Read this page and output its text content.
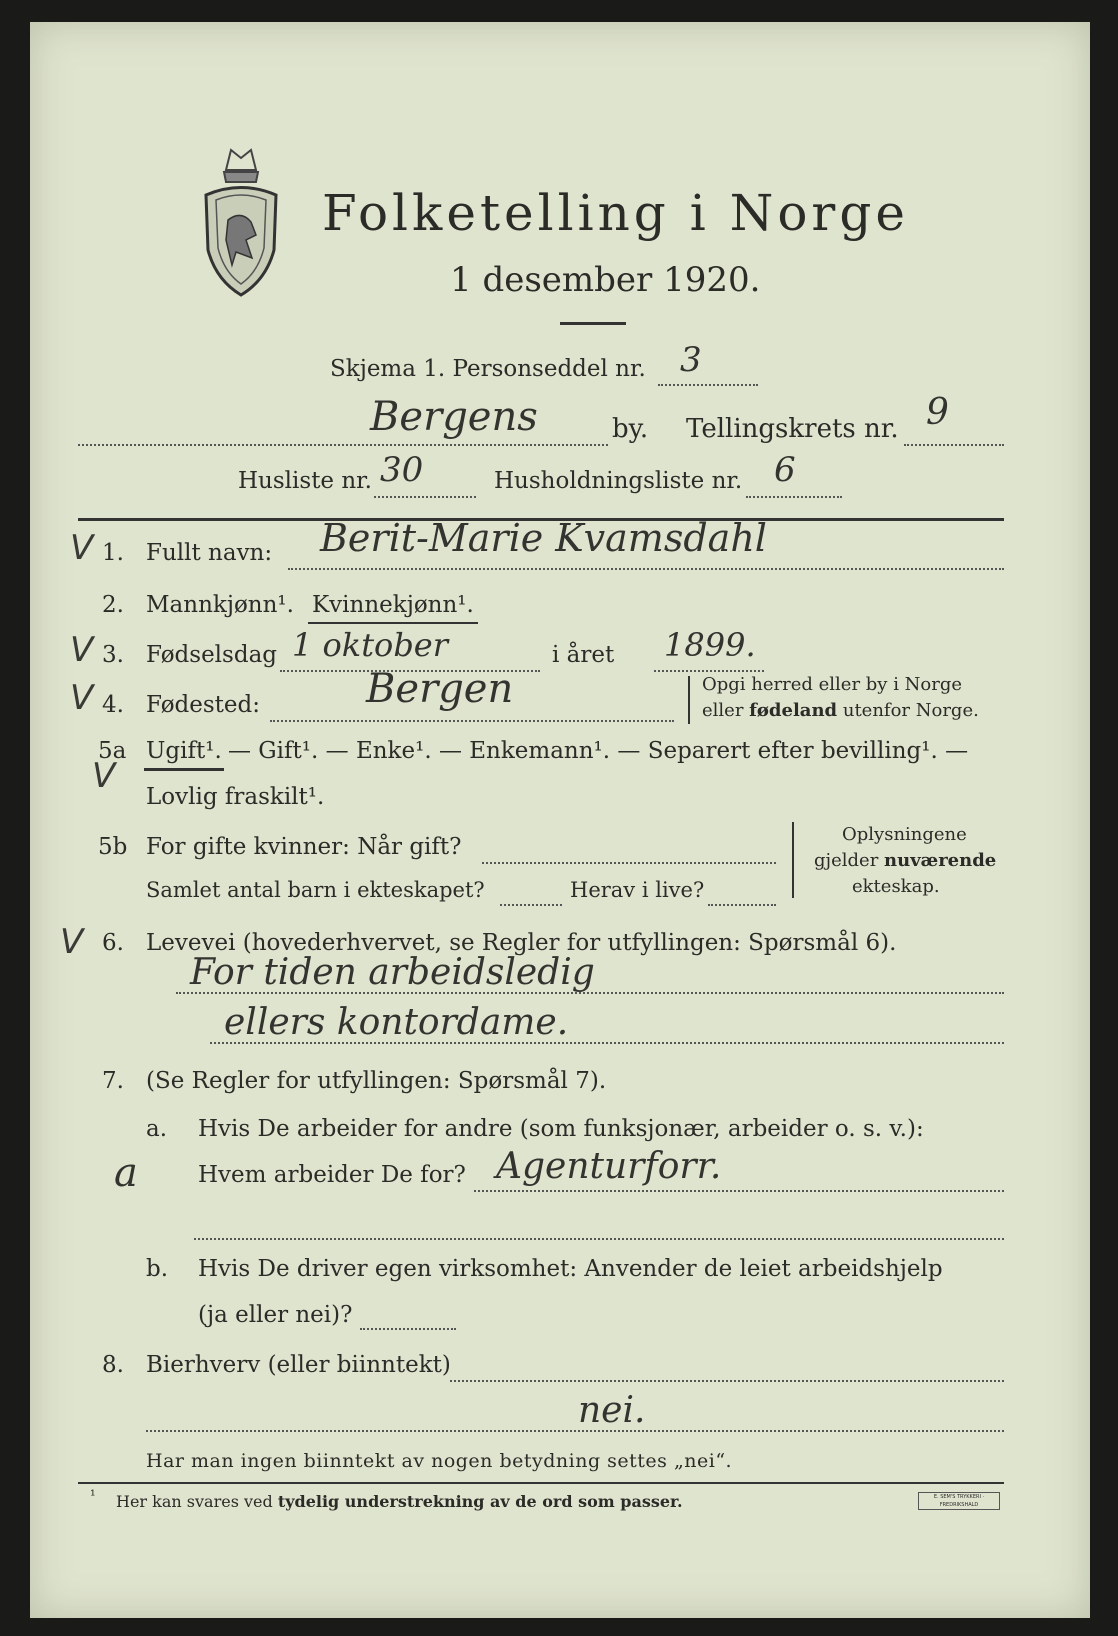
Folketelling i Norge
1 desember 1920.
Skjema 1. Personseddel nr. 3
Bergens	by. Tellingskrets nr. 9
Husliste nr. 30	Husholdningsliste nr. 6
V 1. Fullt navn: Berit-Marie Kvamsdahl
2. Mannkjønn¹. Kvinnekjønn¹.
V 3. Fødselsdag 1 oktober	i året 1899.
V 4. Fødested:	Bergen	Opgi herred eller by i Norge
eller fødeland utenfor Norge.
V
5a Ugift¹. — Gift¹. — Enke¹. — Enkemann¹. — Separert efter bevilling¹. —
Lovlig fraskilt¹.
5b For gifte kvinner: Når gift?
Samlet antal barn i ekteskapet?	Herav i live?
Oplysningene
gjelder nuværende
ekteskap.
V 6. Levevei (hovederhvervet, se Regler for utfyllingen: Spørsmål 6).
For tiden arbeidsledig
ellers kontordame.
7. (Se Regler for utfyllingen: Spørsmål 7).
a. Hvis De arbeider for andre (som funksjonær, arbeider o. s. v.):
a	Hvem arbeider De for? Agenturforr.
b. Hvis De driver egen virksomhet: Anvender de leiet arbeidshjelp
(ja eller nei)?
8. Bierhverv (eller biinntekt)
nei.
Har man ingen biinntekt av nogen betydning settes „nei“.
¹ Her kan svares ved tydelig understrekning av de ord som passer.	E. SEM'S TRYKKERI · FREDRIKSHALD
